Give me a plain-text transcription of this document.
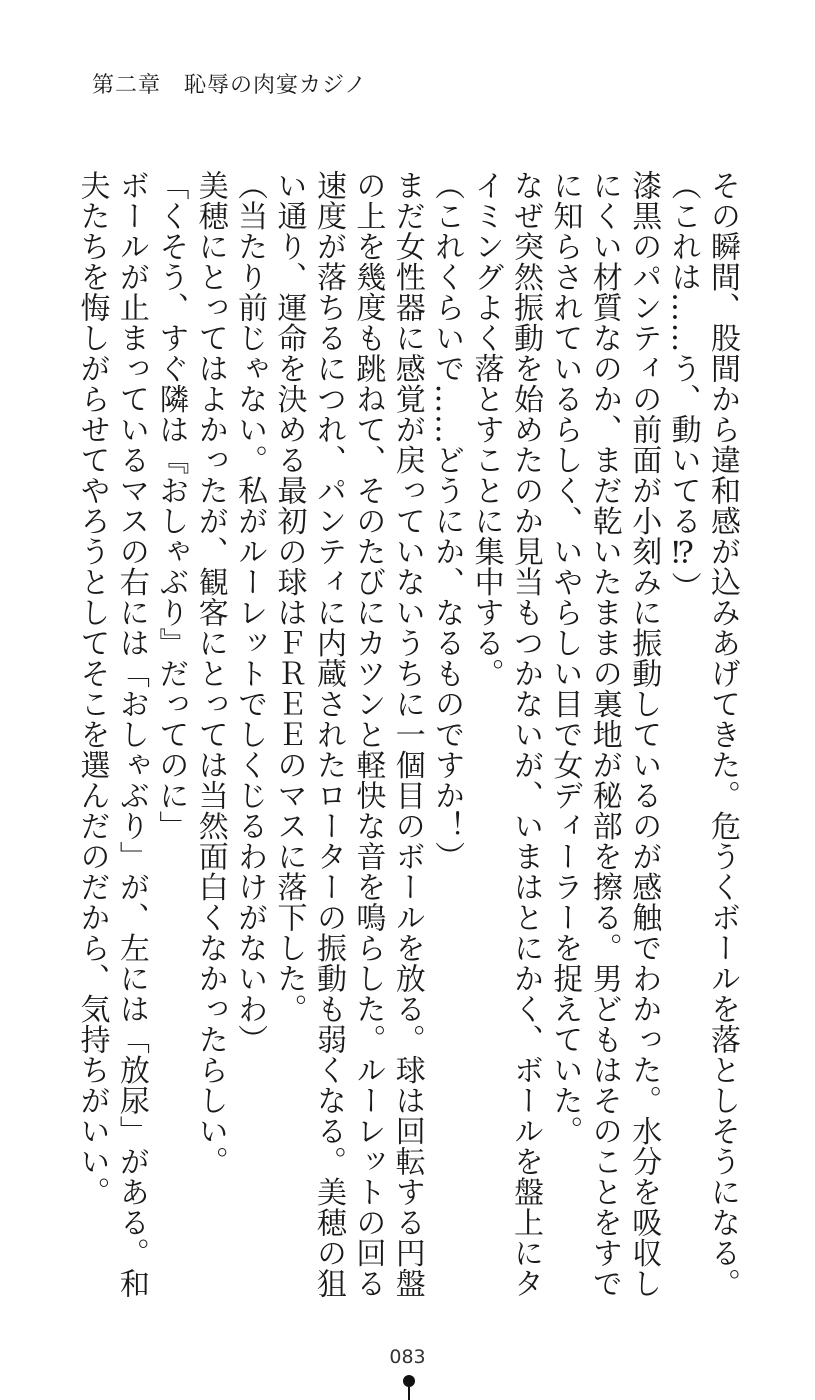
第二章　恥辱の肉宴カジノ

その瞬間、股間から違和感が込みあげてきた。危うくボールを落としそうになる。

（これは……う、動いてる⁉）

漆黒のパンティの前面が小刻みに振動しているのが感触でわかった。水分を吸収しにくい材質なのか、まだ乾いたままの裏地が秘部を擦る。男どもはそのことをすでに知らされているらしく、いやらしい目で女ディーラーを捉えていた。

なぜ突然振動を始めたのか見当もつかないが、いまはとにかく、ボールを盤上にタイミングよく落とすことに集中する。

（これくらいで……どうにか、なるものですか！）

まだ女性器に感覚が戻っていないうちに一個目のボールを放る。球は回転する円盤の上を幾度も跳ねて、そのたびにカツンと軽快な音を鳴らした。ルーレットの回る速度が落ちるにつれ、パンティに内蔵されたローターの振動も弱くなる。美穂の狙い通り、運命を決める最初の球はＦＲＥＥのマスに落下した。

（当たり前じゃない。私がルーレットでしくじるわけがないわ）

美穂にとってはよかったが、観客にとっては当然面白くなかったらしい。

「くそう、すぐ隣は『おしゃぶり』だってのに」

ボールが止まっているマスの右には「おしゃぶり」が、左には「放尿」がある。和夫たちを悔しがらせてやろうとしてそこを選んだのだから、気持ちがいい。

083
